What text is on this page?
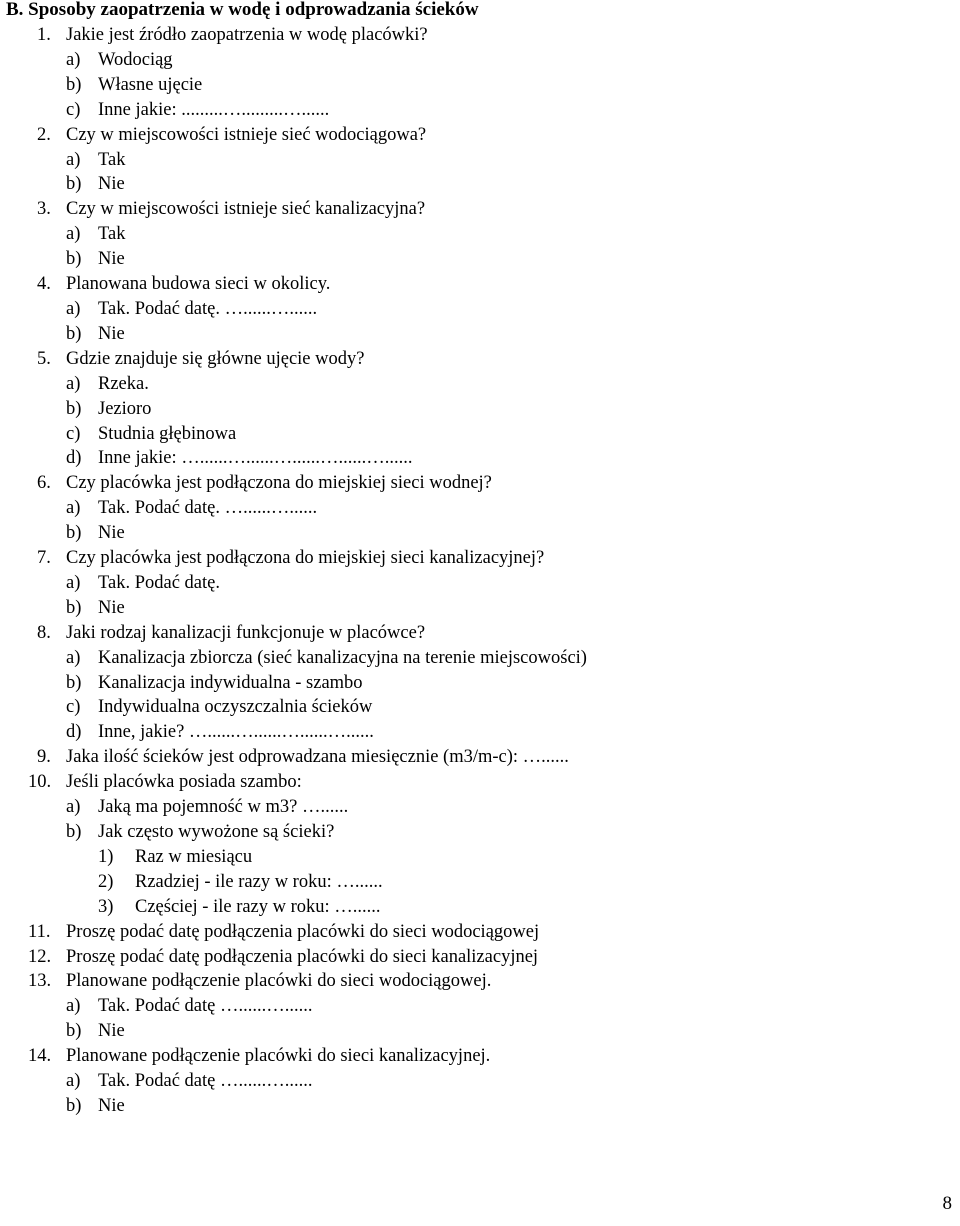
B. Sposoby zaopatrzenia w wodę i odprowadzania ścieków
1. Jakie jest źródło zaopatrzenia w wodę placówki?
a) Wodociąg
b) Własne ujęcie
c) Inne jakie: .........….........…......
2. Czy w miejscowości istnieje sieć wodociągowa?
a) Tak
b) Nie
3. Czy w miejscowości istnieje sieć kanalizacyjna?
a) Tak
b) Nie
4. Planowana budowa sieci w okolicy.
a) Tak. Podać datę. …......…......
b) Nie
5. Gdzie znajduje się główne ujęcie wody?
a) Rzeka.
b) Jezioro
c) Studnia głębinowa
d) Inne jakie: …......…......…......…......…......
6. Czy placówka jest podłączona do miejskiej sieci wodnej?
a) Tak. Podać datę. …......…......
b) Nie
7. Czy placówka jest podłączona do miejskiej sieci kanalizacyjnej?
a) Tak. Podać datę.
b) Nie
8. Jaki rodzaj kanalizacji funkcjonuje w placówce?
a) Kanalizacja zbiorcza (sieć kanalizacyjna na terenie miejscowości)
b) Kanalizacja indywidualna - szambo
c) Indywidualna oczyszczalnia ścieków
d) Inne, jakie? …......…......…......…......
9. Jaka ilość ścieków jest odprowadzana miesięcznie (m3/m-c): …......
10. Jeśli placówka posiada szambo:
a) Jaką ma pojemność w m3? …......
b) Jak często wywożone są ścieki?
1) Raz w miesiącu
2) Rzadziej - ile razy w roku: …......
3) Częściej - ile razy w roku: …......
11. Proszę podać datę podłączenia placówki do sieci wodociągowej
12. Proszę podać datę podłączenia placówki do sieci kanalizacyjnej
13. Planowane podłączenie placówki do sieci wodociągowej.
a) Tak. Podać datę …......…......
b) Nie
14. Planowane podłączenie placówki do sieci kanalizacyjnej.
a) Tak. Podać datę …......…......
b) Nie
8
